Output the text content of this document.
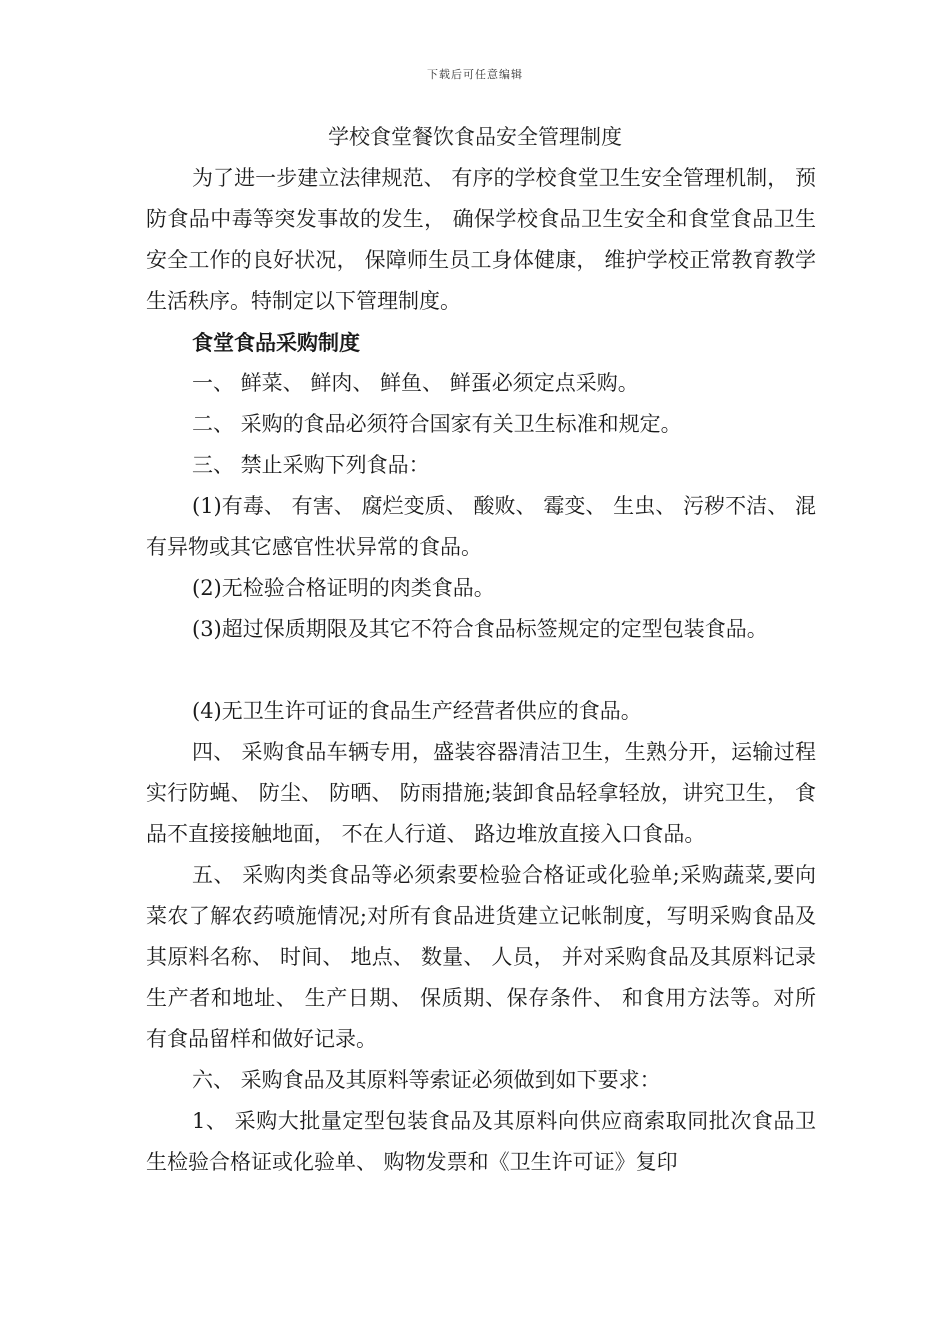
下载后可任意编辑
学校食堂餐饮食品安全管理制度

为了进一步建立法律规范、 有序的学校食堂卫生安全管理机制， 预防食品中毒等突发事故的发生， 确保学校食品卫生安全和食堂食品卫生安全工作的良好状况， 保障师生员工身体健康， 维护学校正常教育教学生活秩序。特制定以下管理制度。

食堂食品采购制度

一、 鲜菜、 鲜肉、 鲜鱼、 鲜蛋必须定点采购。

二、 采购的食品必须符合国家有关卫生标准和规定。

三、 禁止采购下列食品：

(1)有毒、 有害、 腐烂变质、 酸败、 霉变、 生虫、 污秽不洁、 混有异物或其它感官性状异常的食品。

(2)无检验合格证明的肉类食品。

(3)超过保质期限及其它不符合食品标签规定的定型包装食品。

(4)无卫生许可证的食品生产经营者供应的食品。

四、 采购食品车辆专用，盛装容器清洁卫生，生熟分开，运输过程实行防蝇、 防尘、 防晒、 防雨措施;装卸食品轻拿轻放，讲究卫生， 食品不直接接触地面， 不在人行道、 路边堆放直接入口食品。

五、 采购肉类食品等必须索要检验合格证或化验单;采购蔬菜,要向菜农了解农药喷施情况;对所有食品进货建立记帐制度，写明采购食品及其原料名称、 时间、 地点、 数量、 人员， 并对采购食品及其原料记录生产者和地址、 生产日期、 保质期、保存条件、 和食用方法等。对所有食品留样和做好记录。

六、 采购食品及其原料等索证必须做到如下要求：

1、 采购大批量定型包装食品及其原料向供应商索取同批次食品卫生检验合格证或化验单、 购物发票和《卫生许可证》复印
